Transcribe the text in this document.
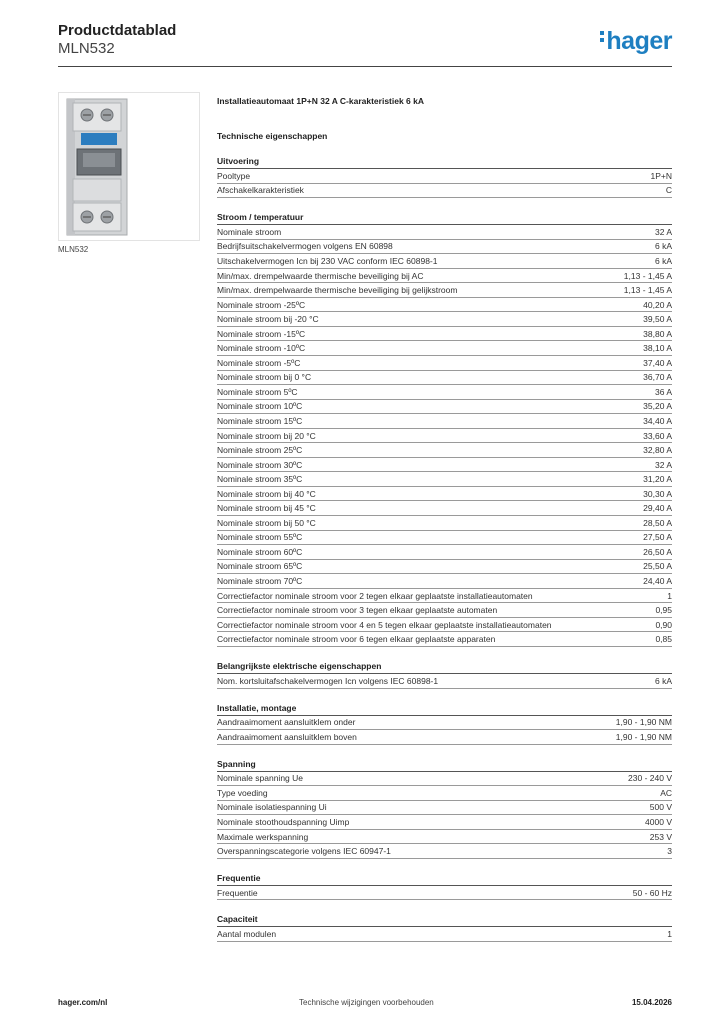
Productdatablad
MLN532	hager
MLN532
Installatieautomaat 1P+N 32 A C-karakteristiek 6 kA
Technische eigenschappen
Uitvoering
Pooltype	1P+N
Afschakelkarakteristiek	C
Stroom / temperatuur
Nominale stroom	32 A
Bedrijfsuitschakelvermogen volgens EN 60898	6 kA
Uitschakelvermogen Icn bij 230 VAC conform IEC 60898-1	6 kA
Min/max. drempelwaarde thermische beveiliging bij AC	1,13 - 1,45 A
Min/max. drempelwaarde thermische beveiliging bij gelijkstroom	1,13 - 1,45 A
Nominale stroom -25ºC	40,20 A
Nominale stroom bij -20 °C	39,50 A
Nominale stroom -15ºC	38,80 A
Nominale stroom -10ºC	38,10 A
Nominale stroom -5ºC	37,40 A
Nominale stroom bij 0 °C	36,70 A
Nominale stroom 5ºC	36 A
Nominale stroom 10ºC	35,20 A
Nominale stroom 15ºC	34,40 A
Nominale stroom bij 20 °C	33,60 A
Nominale stroom 25ºC	32,80 A
Nominale stroom 30ºC	32 A
Nominale stroom 35ºC	31,20 A
Nominale stroom bij 40 °C	30,30 A
Nominale stroom bij 45 °C	29,40 A
Nominale stroom bij 50 °C	28,50 A
Nominale stroom 55ºC	27,50 A
Nominale stroom 60ºC	26,50 A
Nominale stroom 65ºC	25,50 A
Nominale stroom 70ºC	24,40 A
Correctiefactor nominale stroom voor 2 tegen elkaar geplaatste installatieautomaten	1
Correctiefactor nominale stroom voor 3 tegen elkaar geplaatste automaten	0,95
Correctiefactor nominale stroom voor 4 en 5 tegen elkaar geplaatste installatieautomaten	0,90
Correctiefactor nominale stroom voor 6 tegen elkaar geplaatste apparaten	0,85
Belangrijkste elektrische eigenschappen
Nom. kortsluitafschakelvermogen Icn volgens IEC 60898-1	6 kA
Installatie, montage
Aandraaimoment aansluitklem onder	1,90 - 1,90 NM
Aandraaimoment aansluitklem boven	1,90 - 1,90 NM
Spanning
Nominale spanning Ue	230 - 240 V
Type voeding	AC
Nominale isolatiespanning Ui	500 V
Nominale stoothoudspanning Uimp	4000 V
Maximale werkspanning	253 V
Overspanningscategorie volgens IEC 60947-1	3
Frequentie
Frequentie	50 - 60 Hz
Capaciteit
Aantal modulen	1
hager.com/nl	Technische wijzigingen voorbehouden	15.04.2026
